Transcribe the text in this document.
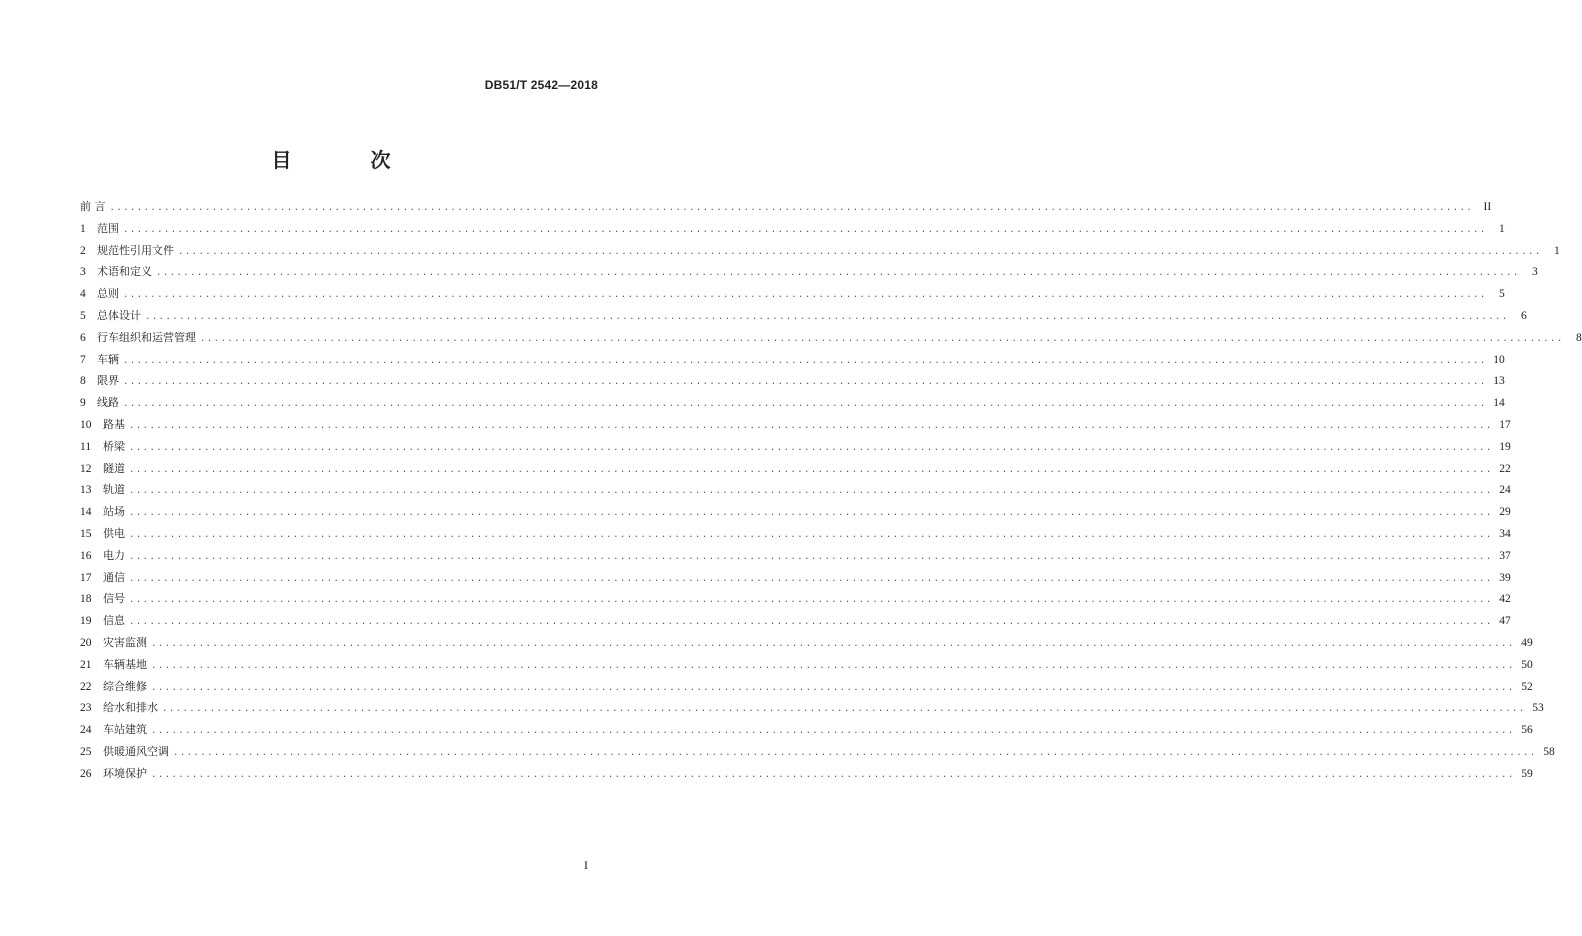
DB51/T 2542—2018
目 次
前 言 ........................................................................................................................................................................................................ II
1	范围 ........................................................................................................................................................................................................	1
2	规范性引用文件 ........................................................................................................................................................................................................	1
3	术语和定义 ........................................................................................................................................................................................................	3
4	总则 ........................................................................................................................................................................................................	5
5	总体设计 ........................................................................................................................................................................................................	6
6	行车组织和运营管理 ........................................................................................................................................................................................................	8
7	车辆 ........................................................................................................................................................................................................ 10
8	限界 ........................................................................................................................................................................................................ 13
9	线路 ........................................................................................................................................................................................................ 14
10	路基 ........................................................................................................................................................................................................ 17
11	桥梁 ........................................................................................................................................................................................................ 19
12	隧道 ........................................................................................................................................................................................................ 22
13	轨道 ........................................................................................................................................................................................................ 24
14	站场 ........................................................................................................................................................................................................ 29
15	供电 ........................................................................................................................................................................................................ 34
16	电力 ........................................................................................................................................................................................................ 37
17	通信 ........................................................................................................................................................................................................ 39
18	信号 ........................................................................................................................................................................................................ 42
19	信息 ........................................................................................................................................................................................................ 47
20	灾害监测 ........................................................................................................................................................................................................ 49
21	车辆基地 ........................................................................................................................................................................................................ 50
22	综合维修 ........................................................................................................................................................................................................ 52
23	给水和排水 ........................................................................................................................................................................................................ 53
24	车站建筑 ........................................................................................................................................................................................................ 56
25	供暖通风空调 ........................................................................................................................................................................................................ 58
26	环境保护 ........................................................................................................................................................................................................ 59
I
